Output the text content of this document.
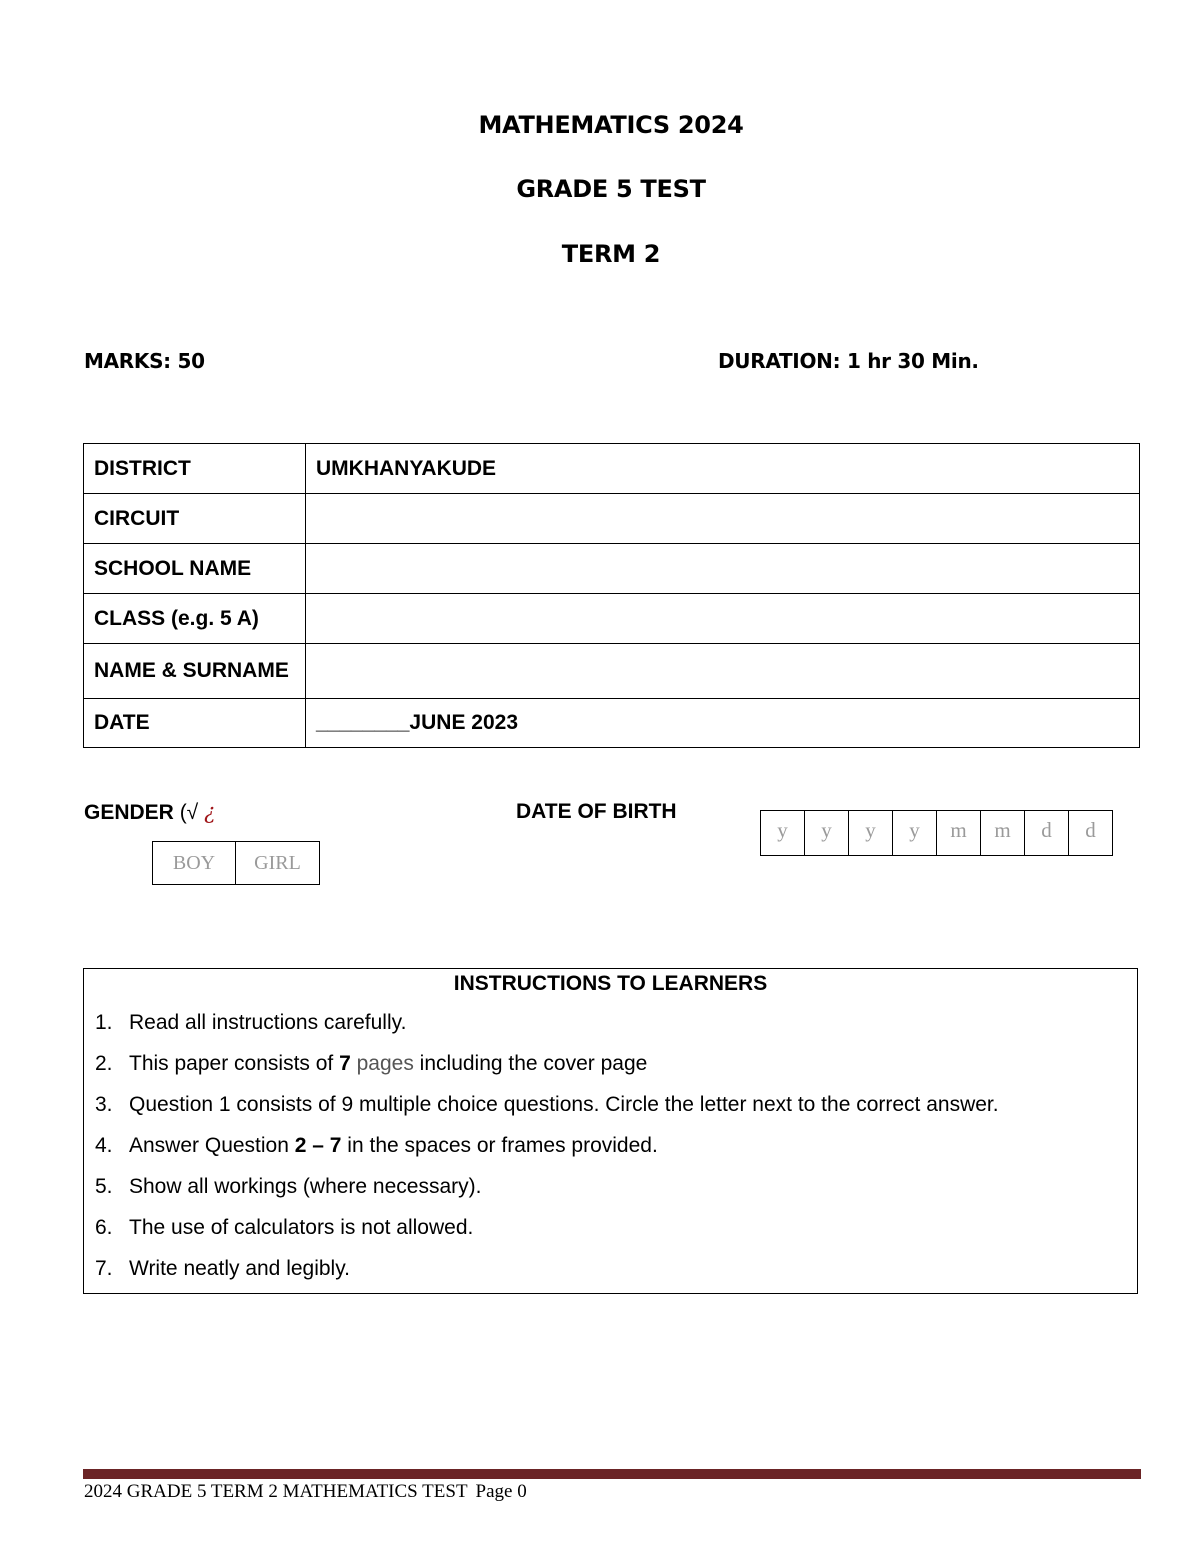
MATHEMATICS 2024
GRADE 5 TEST
TERM 2
MARKS: 50	DURATION: 1 hr 30 Min.
DISTRICT	UMKHANYAKUDE
CIRCUIT	
SCHOOL NAME	
CLASS (e.g. 5 A)	
NAME & SURNAME	
DATE	________JUNE 2023
GENDER (√ ¿
BOY	GIRL
DATE OF BIRTH
y	y	y	y	m	m	d	d
INSTRUCTIONS TO LEARNERS
1. Read all instructions carefully.
2. This paper consists of 7 pages including the cover page
3. Question 1 consists of 9 multiple choice questions. Circle the letter next to the correct answer.
4. Answer Question 2 – 7 in the spaces or frames provided.
5. Show all workings (where necessary).
6. The use of calculators is not allowed.
7. Write neatly and legibly.
2024 GRADE 5 TERM 2 MATHEMATICS TEST Page 0
